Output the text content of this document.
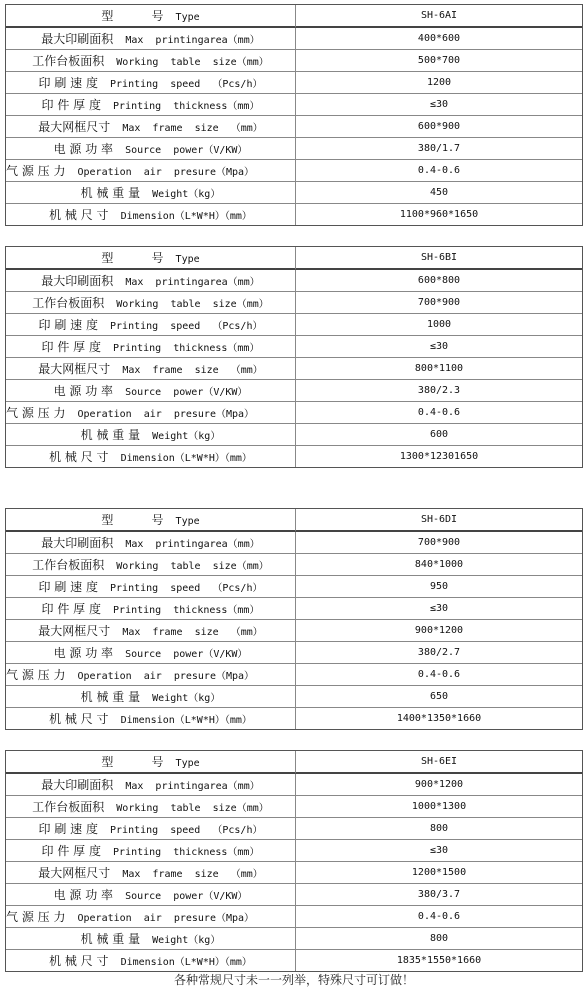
型          号  Type	SH-6AI
最大印刷面积  Max  printingarea（mm）	400*600
工作台板面积  Working  table  size（mm）	500*700
印 刷 速 度  Printing  speed  （Pcs/h）	1200
印 件 厚 度  Printing  thickness（mm）	≤30
最大网框尺寸  Max  frame  size  （mm）	600*900
电 源 功 率  Source  power（V/KW）	380/1.7
气 源 压 力  Operation  air  presure（Mpa）	0.4-0.6
机 械 重 量  Weight（kg）	450
机 械 尺 寸  Dimension（L*W*H）（mm）	1100*960*1650
型          号  Type	SH-6BI
最大印刷面积  Max  printingarea（mm）	600*800
工作台板面积  Working  table  size（mm）	700*900
印 刷 速 度  Printing  speed  （Pcs/h）	1000
印 件 厚 度  Printing  thickness（mm）	≤30
最大网框尺寸  Max  frame  size  （mm）	800*1100
电 源 功 率  Source  power（V/KW）	380/2.3
气 源 压 力  Operation  air  presure（Mpa）	0.4-0.6
机 械 重 量  Weight（kg）	600
机 械 尺 寸  Dimension（L*W*H）（mm）	1300*12301650
型          号  Type	SH-6DI
最大印刷面积  Max  printingarea（mm）	700*900
工作台板面积  Working  table  size（mm）	840*1000
印 刷 速 度  Printing  speed  （Pcs/h）	950
印 件 厚 度  Printing  thickness（mm）	≤30
最大网框尺寸  Max  frame  size  （mm）	900*1200
电 源 功 率  Source  power（V/KW）	380/2.7
气 源 压 力  Operation  air  presure（Mpa）	0.4-0.6
机 械 重 量  Weight（kg）	650
机 械 尺 寸  Dimension（L*W*H）（mm）	1400*1350*1660
型          号  Type	SH-6EI
最大印刷面积  Max  printingarea（mm）	900*1200
工作台板面积  Working  table  size（mm）	1000*1300
印 刷 速 度  Printing  speed  （Pcs/h）	800
印 件 厚 度  Printing  thickness（mm）	≤30
最大网框尺寸  Max  frame  size  （mm）	1200*1500
电 源 功 率  Source  power（V/KW）	380/3.7
气 源 压 力  Operation  air  presure（Mpa）	0.4-0.6
机 械 重 量  Weight（kg）	800
机 械 尺 寸  Dimension（L*W*H）（mm）	1835*1550*1660
各种常规尺寸未一一列举，特殊尺寸可订做！
